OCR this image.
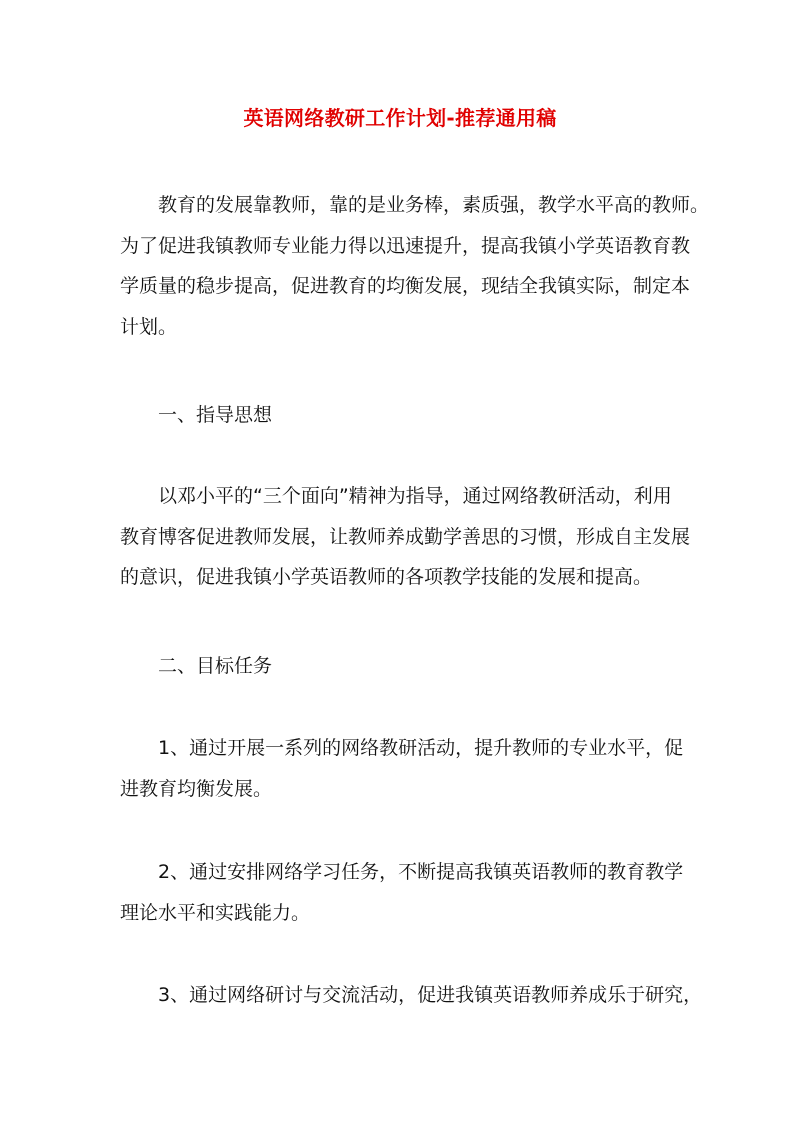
英语网络教研工作计划-推荐通用稿

教育的发展靠教师，靠的是业务棒，素质强，教学水平高的教师。
为了促进我镇教师专业能力得以迅速提升，提高我镇小学英语教育教
学质量的稳步提高，促进教育的均衡发展，现结全我镇实际，制定本
计划。

一、指导思想

以邓小平的“三个面向”精神为指导，通过网络教研活动，利用
教育博客促进教师发展，让教师养成勤学善思的习惯，形成自主发展
的意识，促进我镇小学英语教师的各项教学技能的发展和提高。

二、目标任务

1、通过开展一系列的网络教研活动，提升教师的专业水平，促
进教育均衡发展。

2、通过安排网络学习任务，不断提高我镇英语教师的教育教学
理论水平和实践能力。

3、通过网络研讨与交流活动，促进我镇英语教师养成乐于研究，
